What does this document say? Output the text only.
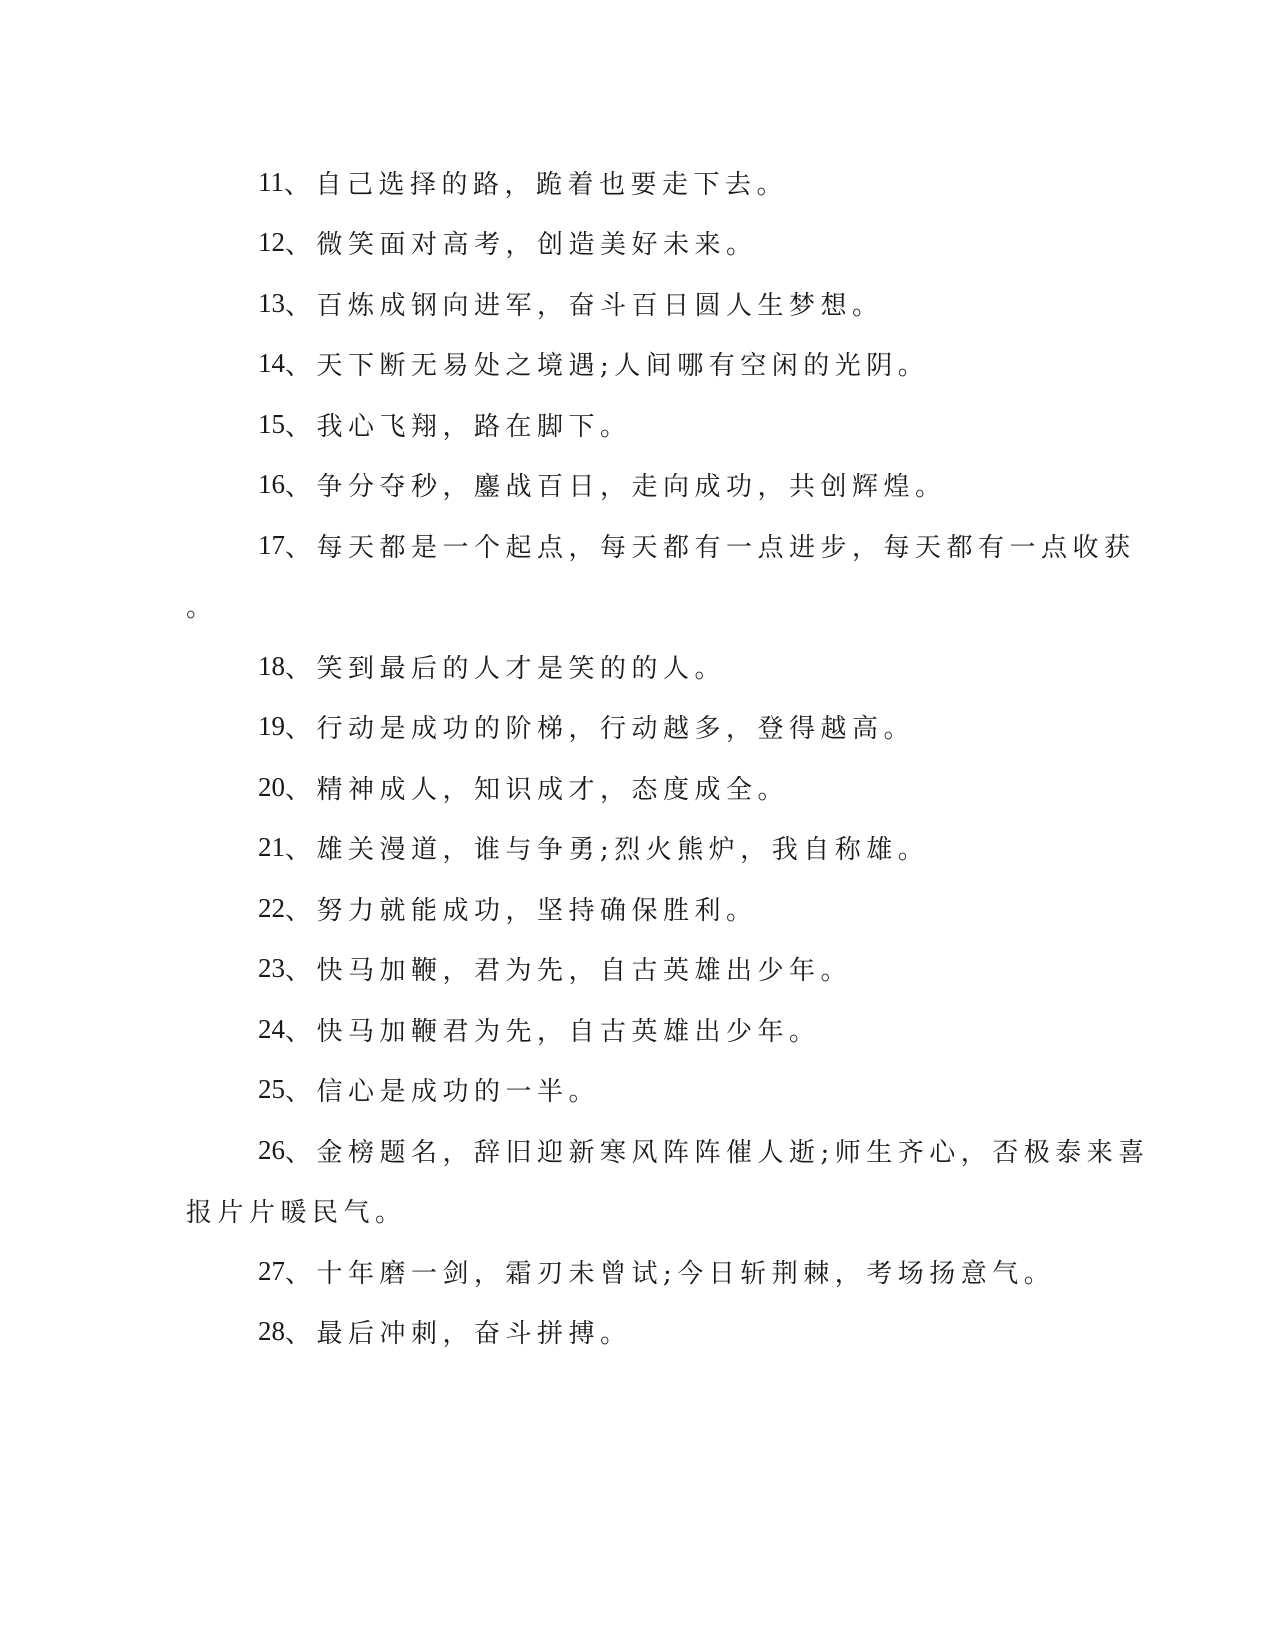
11 、 自己选择的路，跪着也要走下去。
12 、 微笑面对高考，创造美好未来。
13 、 百炼成钢向进军，奋斗百日圆人生梦想。
14 、 天下断无易处之境遇;人间哪有空闲的光阴。
15 、 我心飞翔，路在脚下。
16 、 争分夺秒，鏖战百日，走向成功，共创辉煌。
17 、 每天都是一个起点，每天都有一点进步，每天都有一点收获
。
18 、 笑到最后的人才是笑的的人。
19 、 行动是成功的阶梯，行动越多，登得越高。
20 、 精神成人，知识成才，态度成全。
21 、 雄关漫道，谁与争勇;烈火熊炉，我自称雄。
22 、 努力就能成功，坚持确保胜利。
23 、 快马加鞭，君为先，自古英雄出少年。
24 、 快马加鞭君为先，自古英雄出少年。
25 、 信心是成功的一半。
26 、 金榜题名，辞旧迎新寒风阵阵催人逝;师生齐心，否极泰来喜
报片片暖民气。
27 、 十年磨一剑，霜刃未曾试;今日斩荆棘，考场扬意气。
28 、 最后冲刺，奋斗拼搏。
